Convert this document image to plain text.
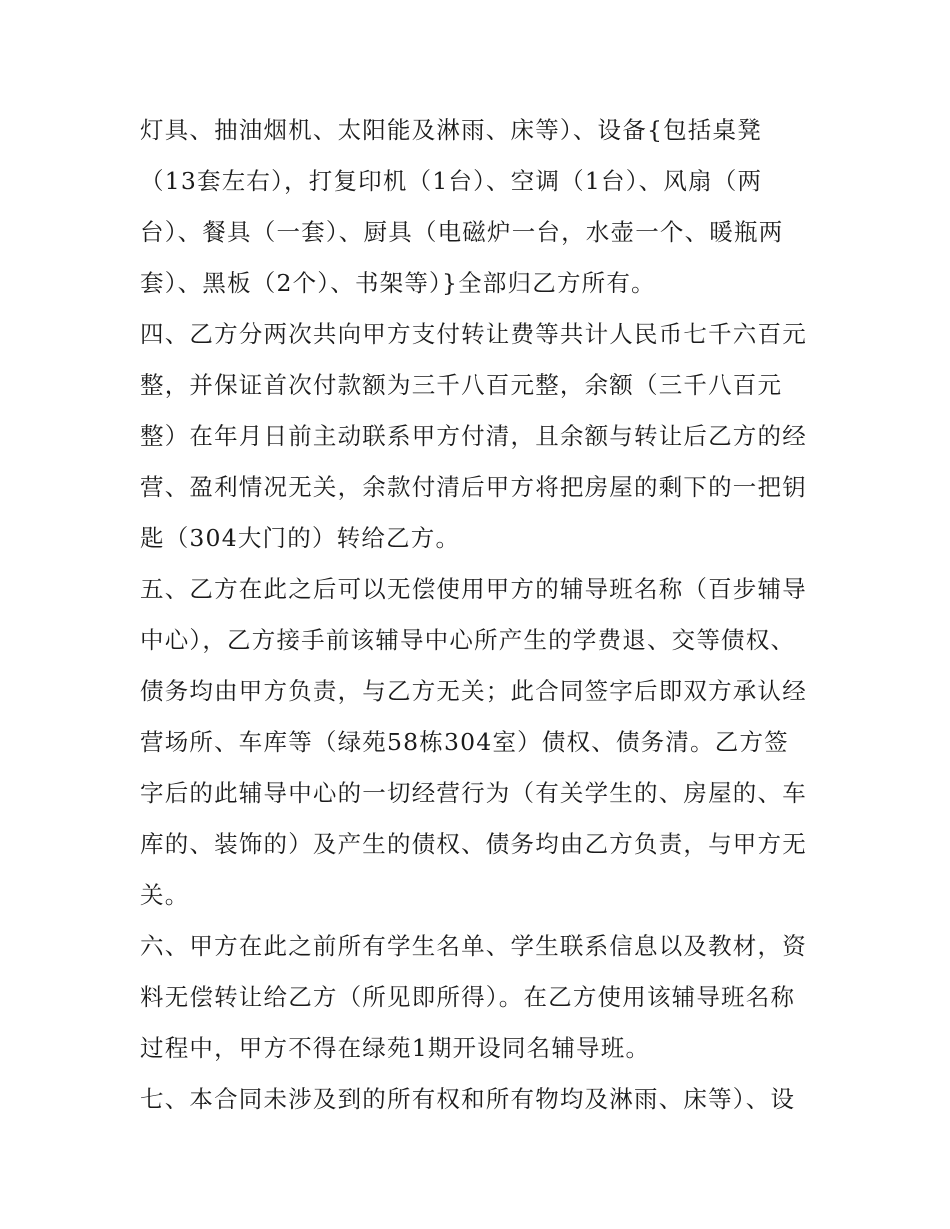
灯具、抽油烟机、太阳能及淋雨、床等）、设备{包括桌凳
（13套左右），打复印机（1台）、空调（1台）、风扇（两
台）、餐具（一套）、厨具（电磁炉一台，水壶一个、暖瓶两
套）、黑板（2个）、书架等）}全部归乙方所有。
四、乙方分两次共向甲方支付转让费等共计人民币七千六百元
整，并保证首次付款额为三千八百元整，余额（三千八百元
整）在年月日前主动联系甲方付清，且余额与转让后乙方的经
营、盈利情况无关，余款付清后甲方将把房屋的剩下的一把钥
匙（304大门的）转给乙方。
五、乙方在此之后可以无偿使用甲方的辅导班名称（百步辅导
中心），乙方接手前该辅导中心所产生的学费退、交等债权、
债务均由甲方负责，与乙方无关；此合同签字后即双方承认经
营场所、车库等（绿苑58栋304室）债权、债务清。乙方签
字后的此辅导中心的一切经营行为（有关学生的、房屋的、车
库的、装饰的）及产生的债权、债务均由乙方负责，与甲方无
关。
六、甲方在此之前所有学生名单、学生联系信息以及教材，资
料无偿转让给乙方（所见即所得）。在乙方使用该辅导班名称
过程中，甲方不得在绿苑1期开设同名辅导班。
七、本合同未涉及到的所有权和所有物均及淋雨、床等）、设
